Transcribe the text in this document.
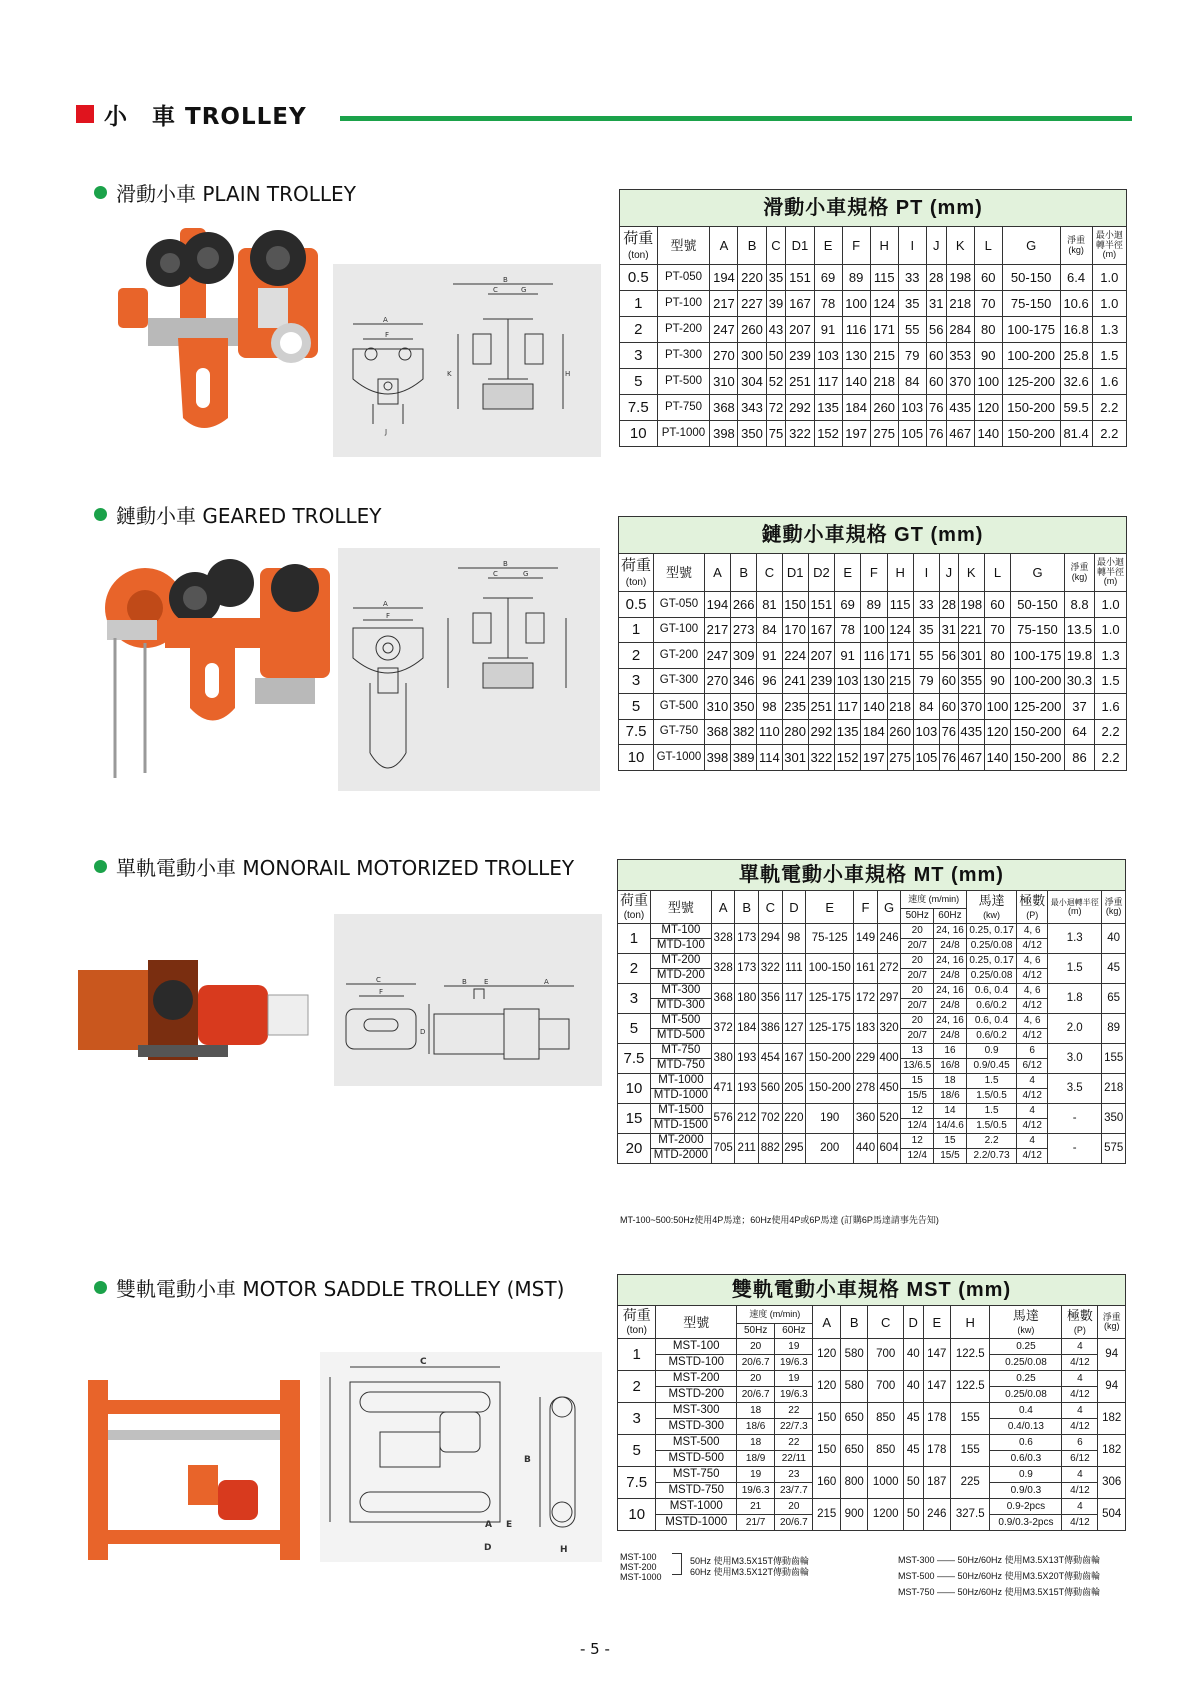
小　車 TROLLEY
滑動小車 PLAIN TROLLEY
鏈動小車 GEARED TROLLEY
單軌電動小車 MONORAIL MOTORIZED TROLLEY
雙軌電動小車 MOTOR SADDLE TROLLEY (MST)
A
F
B
C	G
K	H
J
滑動小車規格 PT (mm)															
荷重
(ton)	型號	A	B	C	D1	E	F	H	I	J	K	L	G	淨重
(kg)	最小迴
轉半徑
(m)
0.5	PT-050	194	220	35	151	69	89	115	33	28	198	60	50-150	6.4	1.0
1	PT-100	217	227	39	167	78	100	124	35	31	218	70	75-150	10.6	1.0
2	PT-200	247	260	43	207	91	116	171	55	56	284	80	100-175	16.8	1.3
3	PT-300	270	300	50	239	103	130	215	79	60	353	90	100-200	25.8	1.5
5	PT-500	310	304	52	251	117	140	218	84	60	370	100	125-200	32.6	1.6
7.5	PT-750	368	343	72	292	135	184	260	103	76	435	120	150-200	59.5	2.2
10	PT-1000	398	350	75	322	152	197	275	105	76	467	140	150-200	81.4	2.2
A
F
B
C	G
鏈動小車規格 GT (mm)																
荷重
(ton)	型號	A	B	C	D1	D2	E	F	H	I	J	K	L	G	淨重
(kg)	最小迴
轉半徑
(m)
0.5	GT-050	194	266	81	150	151	69	89	115	33	28	198	60	50-150	8.8	1.0
1	GT-100	217	273	84	170	167	78	100	124	35	31	221	70	75-150	13.5	1.0
2	GT-200	247	309	91	224	207	91	116	171	55	56	301	80	100-175	19.8	1.3
3	GT-300	270	346	96	241	239	103	130	215	79	60	355	90	100-200	30.3	1.5
5	GT-500	310	350	98	235	251	117	140	218	84	60	370	100	125-200	37	1.6
7.5	GT-750	368	382	110	280	292	135	184	260	103	76	435	120	150-200	64	2.2
10	GT-1000	398	389	114	301	322	152	197	275	105	76	467	140	150-200	86	2.2
C
F
B E	A
D
單軌電動小車規格 MT (mm)														
荷重
(ton)	型號	A	B	C	D	E	F	G	速度 (m/min)		馬達
(kw)	極數
(P)	最小迴轉半徑
(m)	淨重
(kg)
									50Hz	60Hz				
1	MT-100	328	173	294	98	75-125	149	246	20	24, 16	0.25, 0.17	4, 6	1.3	40
	MTD-100								20/7	24/8	0.25/0.08	4/12		
2	MT-200	328	173	322	111	100-150	161	272	20	24, 16	0.25, 0.17	4, 6	1.5	45
	MTD-200								20/7	24/8	0.25/0.08	4/12		
3	MT-300	368	180	356	117	125-175	172	297	20	24, 16	0.6, 0.4	4, 6	1.8	65
	MTD-300								20/7	24/8	0.6/0.2	4/12		
5	MT-500	372	184	386	127	125-175	183	320	20	24, 16	0.6, 0.4	4, 6	2.0	89
	MTD-500								20/7	24/8	0.6/0.2	4/12		
7.5	MT-750	380	193	454	167	150-200	229	400	13	16	0.9	6	3.0	155
	MTD-750								13/6.5	16/8	0.9/0.45	6/12		
10	MT-1000	471	193	560	205	150-200	278	450	15	18	1.5	4	3.5	218
	MTD-1000								15/5	18/6	1.5/0.5	4/12		
15	MT-1500	576	212	702	220	190	360	520	12	14	1.5	4	-	350
	MTD-1500								12/4	14/4.6	1.5/0.5	4/12		
20	MT-2000	705	211	882	295	200	440	604	12	15	2.2	4	-	575
	MTD-2000								12/4	15/5	2.2/0.73	4/12		
MT-100~500:50Hz使用4P馬達；60Hz使用4P或6P馬達 (訂購6P馬達請事先告知)
C
B
A E
D	H
雙軌電動小車規格 MST (mm)												
荷重
(ton)	型號	速度 (m/min)		A	B	C	D	E	H	馬達
(kw)	極數
(P)	淨重
(kg)
		50Hz	60Hz									
1	MST-100	20	19	120	580	700	40	147	122.5	0.25	4	94
	MSTD-100	20/6.7	19/6.3							0.25/0.08	4/12	
2	MST-200	20	19	120	580	700	40	147	122.5	0.25	4	94
	MSTD-200	20/6.7	19/6.3							0.25/0.08	4/12	
3	MST-300	18	22	150	650	850	45	178	155	0.4	4	182
	MSTD-300	18/6	22/7.3							0.4/0.13	4/12	
5	MST-500	18	22	150	650	850	45	178	155	0.6	6	182
	MSTD-500	18/9	22/11							0.6/0.3	6/12	
7.5	MST-750	19	23	160	800	1000	50	187	225	0.9	4	306
	MSTD-750	19/6.3	23/7.7							0.9/0.3	4/12	
10	MST-1000	21	20	215	900	1200	50	246	327.5	0.9-2pcs	4	504
	MSTD-1000	21/7	20/6.7							0.9/0.3-2pcs	4/12	
MST-100
MST-200
MST-1000
50Hz 使用M3.5X15T傳動齒輪
60Hz 使用M3.5X12T傳動齒輪
MST-300 ―― 50Hz/60Hz 使用M3.5X13T傳動齒輪
MST-500 ―― 50Hz/60Hz 使用M3.5X20T傳動齒輪
MST-750 ―― 50Hz/60Hz 使用M3.5X15T傳動齒輪
- 5 -
